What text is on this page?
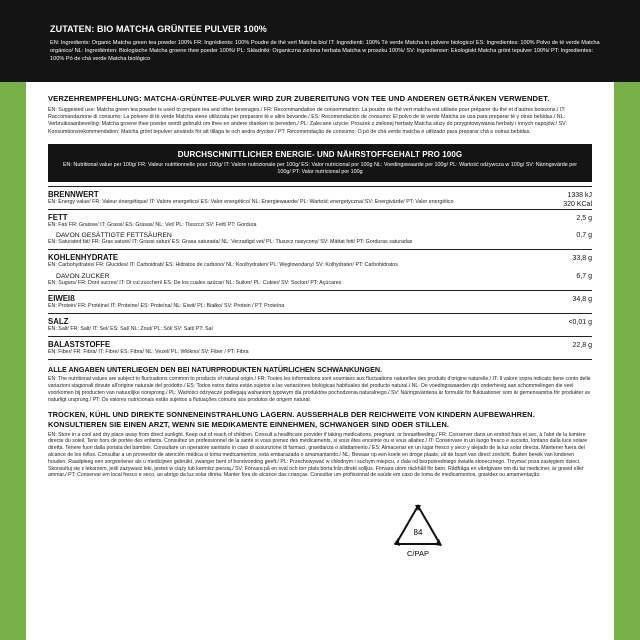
ZUTATEN: BIO MATCHA GRÜNTEE PULVER 100%
EN: Ingredients: Organic Matcha green tea powder 100% FR: Ingrédients: 100% Poudre de thé vert Matcha bio/ IT: Ingredienti: 100% Tè verde Matcha in polvere biologico/ ES: Ingredientes: 100% Polvo de té verde Matcha orgánico/ NL: Ingrediënten: Biologische Matcha groene thee poeder 100%/ PL: Składniki: Organiczna zielona herbata Matcha w proszku 100%/ SV: Ingredienser: Ekologiskt Matcha grönt tepulver 100%/ PT: Ingredientes: 100% Pó de chá verde Matcha biológico
VERZEHREMPFEHLUNG: MATCHA-GRÜNTEE-PULVER WIRD ZUR ZUBEREITUNG VON TEE UND ANDEREN GETRÄNKEN VERWENDET.
EN: Suggested use: Matcha green tea powder is used to prepare tea and other beverages./ FR: Recommandation de consommation: La poudre de thé vert matcha est utilisée pour préparer du thé et d'autres boissons./ IT: Raccomandazione di consumo: La polvere di tè verde Matcha viene utilizzata per preparare tè e altre bevande./ ES: Recomendación de consumo: El polvo de té verde Matcha se usa para preparar té y otras bebidas./ NL: Verbruiksaanbeveling: Matcha groene thee poeder wordt gebruikt om thee en andere dranken te bereiden./ PL: Zalecane użycie: Proszek z zielonej herbaty Matcha służy do przygotowywania herbaty i innych napojów./ SV: Konsumtionsrekommendation: Matcha grönt tepulver används för att tillaga te och andra drycker./ PT: Recomendação de consumo: O pó de chá verde matcha é utilizado para preparar chá e outras bebidas.
DURCHSCHNITTLICHER ENERGIE- UND NÄHRSTOFFGEHALT PRO 100G
EN: Nutritional value per 100g/ FR: Valeur nutritionnelle pour 100g/ IT: Valore nutrizionale per 100g/ ES: Valor nutricional por 100g NL: Voedingswaarde per 100g/ PL: Wartość odżywcza w 100g/ SV: Näringsvärde per 100g/ PT: Valor nutricional por 100g
BRENNWERT	1338 kJ
320 KCal
EN: Energy value/ FR: Valeur énergétique/ IT: Valore energetico/ ES: Valor energético/ NL: Energiewaarde/ PL: Wartość energetyczna/ SV: Energivärde/ PT: Valor energético
FETT	2,5 g
EN: Fat/ FR: Graisse/ IT: Grassi/ ES: Grasas/ NL: Vet/ PL: Tłuszcz/ SV: Fett/ PT: Gordura
DAVON GESÄTTIGTE FETTSÄUREN	0,7 g
EN: Saturated fat/ FR: Gras saturé/ IT: Grassi saturi/ ES: Grasa saturada/ NL: Verzadigd vet/ PL: Tłuszcz nasycony/ SV: Mättat fett/ PT: Gorduras saturadas
KOHLENHYDRATE	33,8 g
EN: Carbohydrates/ FR: Glucides/ IT: Carboidrati/ ES: Hidratos de carbono/ NL: Koolhydraten/ PL: Węglowodany/ SV: Kolhydrater/ PT: Carbohidratos
DAVON ZUCKER	6,7 g
EN: Sugars/ FR: Dont sucres/ IT: Di cui zuccheri/ ES: De los cuales azúcar/ NL: Suiker/ PL: Cukier/ SV: Socker/ PT: Açúcares
EIWEIß	34,8 g
EN: Protein/ FR: Protéine/ IT: Proteine/ ES: Proteína/ NL: Eiwit/ PL: Białko/ SV: Protein / PT: Proteína
SALZ	<0,01 g
EN: Salt/ FR: Salt/ IT: Sel/ ES: Sal/ NL: Zout/ PL: Sól/ SV: Salt/ PT: Sal
BALASTSTOFFE	22,8 g
EN: Fiber/ FR: Fibra/ IT: Fibre/ ES: Fibra/ NL: Vezel/ PL: Włókno/ SV: Fiber / PT: Fibra
ALLE ANGABEN UNTERLIEGEN DEN BEI NATURPRODUKTEN NATÜRLICHEN SCHWANKUNGEN.
EN: The nutritional values are subject to fluctuations common to products of natural origin./ FR: Toutes les informations sont soumises aux fluctuations naturelles des produits d'origine naturelle./ IT: Il valore sopra indicato tiene conto delle variazioni stagionali dovute all'origine naturale del prodotto./ ES: Todos estos datos están sujetos a las variaciones biológicas habituales del producto natural./ NL: De voedingswaarden zijn onderhevig aan schommelingen die veel voorkomen bij producten van natuurlijke oorsprong./ PL: Wartości odżywcze podlegają wahaniom typowym dla produktów pochodzenia naturalnego./ SV: Näringsvärdena är formulär för fluktuationer som är gemensamma för produkter av naturligt ursprung./ PT: Os valores nutricionais estão sujeitos a flutuações comuns aos produtos de origem natural.
TROCKEN, KÜHL UND DIREKTE SONNENEINSTRAHLUNG LAGERN. AUSSERHALB DER REICHWEITE VON KINDERN AUFBEWAHREN. KONSULTIEREN SIE EINEN ARZT, WENN SIE MEDIKAMENTE EINNEHMEN, SCHWANGER SIND ODER STILLEN.
EN: Store in a cool and dry place away from direct sunlight. Keep out of reach of children. Consult a healthcare provider if taking medications, pregnant, or breastfeeding./ FR: Conserver dans un endroit frais et sec, à l'abri de la lumière directe du soleil. Tenir hors de portée des enfants. Consultez un professionnel de la santé si vous prenez des médicaments, si vous êtes enceinte ou si vous allaitez./ IT: Conservare in un luogo fresco e asciutto, lontano dalla luce solare diretta. Tenere fuori dalla portata dei bambini. Consultare un operatore sanitario in caso di assunzione di farmaci, gravidanza o allattamento./ ES: Almacenar en un lugar fresco y seco y alejado de la luz solar directa. Mantener fuera del alcance de los niños. Consultar a un proveedor de atención médica si toma medicamentos, está embarazada o amamantando./ NL: Bewaar op een koele en droge plaats, uit de buurt van direct zonlicht. Buiten bereik van kinderen houden. Raadpleeg een zorgverlener als u medicijnen gebruikt, zwanger bent of borstvoeding geeft./ PL: Przechowywać w chłodnym i suchym miejscu, z dala od bezpośredniego światła słonecznego. Trzymać poza zasięgiem dzieci. Skonsultuj się z lekarzem, jeśli zażywasz leki, jesteś w ciąży lub karmisz piersią./ SV: Förvara på en sval och torr plats borta från direkt solljus. Förvara utom räckhåll för barn. Rådfråga en vårdgivare om du tar mediciner, är gravid eller ammar./ PT: Conservar em local fresco e seco, ao abrigo da luz solar direta. Manter fora do alcance das crianças. Consultar um profissional de saúde em caso de toma de medicamentos, gravidez ou amamentação.
84
C/PAP
